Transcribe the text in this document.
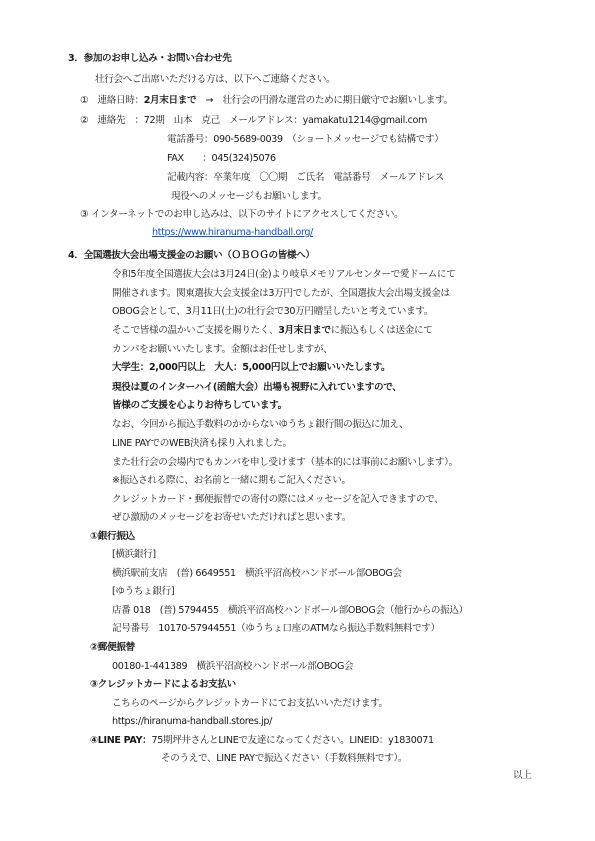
3．参加のお申し込み・お問い合わせ先
壮行会へご出席いただける方は、以下へご連絡ください。
①　連絡日時：2月末日まで　→　壮行会の円滑な運営のために期日厳守でお願いします。
②　連絡先　：72期　山本　克己　メールアドレス：yamakatu1214@gmail.com
電話番号：090-5689-0039　（ショートメッセージでも結構です）
FAX　　：045(324)5076
記載内容：卒業年度　〇〇期　ご氏名　電話番号　メールアドレス
現役へのメッセージもお願いします。
③ インターネットでのお申し込みは、以下のサイトにアクセスしてください。
https://www.hiranuma-handball.org/
4．全国選抜大会出場支援金のお願い（ＯＢＯＧの皆様へ）
令和5年度全国選抜大会は3月24日(金)より岐阜メモリアルセンターで愛ドームにて
開催されます。関東選抜大会支援金は3万円でしたが、全国選抜大会出場支援金は
OBOG会として、3月11日(土)の壮行会で30万円贈呈したいと考えています。
そこで皆様の温かいご支援を賜りたく、3月末日までに振込もしくは送金にて
カンパをお願いいたします。金額はお任せしますが、
大学生：2,000円以上　大人：5,000円以上でお願いいたします。
現役は夏のインターハイ(函館大会）出場も視野に入れていますので、
皆様のご支援を心よりお待ちしています。
なお、今回から振込手数料のかからないゆうちょ銀行間の振込に加え、
LINE PAYでのWEB決済も採り入れました。
また壮行会の会場内でもカンパを申し受けます（基本的には事前にお願いします）。
※振込される際に、お名前と一緒に期もご記入ください。
クレジットカード・郵便振替での寄付の際にはメッセージを記入できますので、
ぜひ激励のメッセージをお寄せいただければと思います。
①銀行振込
[横浜銀行]
横浜駅前支店　(普) 6649551　横浜平沼高校ハンドボール部OBOG会
[ゆうちょ銀行]
店番 018　(普) 5794455　横浜平沼高校ハンドボール部OBOG会（他行からの振込）
記号番号　10170-57944551（ゆうちょ口座のATMなら振込手数料無料です）
②郵便振替
00180-1-441389　横浜平沼高校ハンドボール部OBOG会
③クレジットカードによるお支払い
こちらのページからクレジットカードにてお支払いいただけます。
https://hiranuma-handball.stores.jp/
④LINE PAY：75期坪井さんとLINEで友達になってください。LINEID：y1830071
そのうえで、LINE PAYで振込ください（手数料無料です）。
以上
